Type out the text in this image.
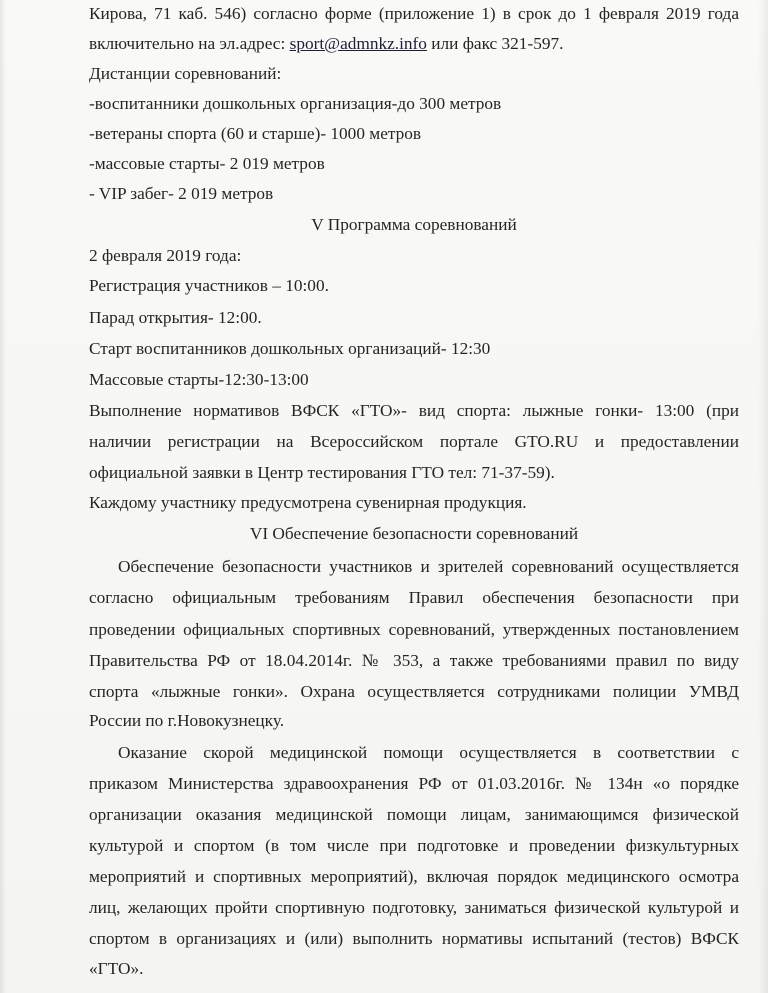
Кирова, 71 каб. 546) согласно форме (приложение 1) в срок до 1 февраля 2019 года
включительно на эл.адрес: sport@admnkz.info или факс 321-597.
Дистанции соревнований:
-воспитанники дошкольных организация-до 300 метров
-ветераны спорта (60 и старше)- 1000 метров
-массовые старты- 2 019 метров
- VIP забег- 2 019 метров
V Программа соревнований
2 февраля 2019 года:
Регистрация участников – 10:00.
Парад открытия- 12:00.
Старт воспитанников дошкольных организаций- 12:30
Массовые старты-12:30-13:00
Выполнение нормативов ВФСК «ГТО»- вид спорта: лыжные гонки- 13:00 (при
наличии регистрации на Всероссийском портале GTO.RU и предоставлении
официальной заявки в Центр тестирования ГТО тел: 71-37-59).
Каждому участнику предусмотрена сувенирная продукция.
VI Обеспечение безопасности соревнований
Обеспечение безопасности участников и зрителей соревнований осуществляется
согласно официальным требованиям Правил обеспечения безопасности при
проведении официальных спортивных соревнований, утвержденных постановлением
Правительства РФ от 18.04.2014г. № 353, а также требованиями правил по виду
спорта «лыжные гонки». Охрана осуществляется сотрудниками полиции УМВД
России по г.Новокузнецку.
Оказание скорой медицинской помощи осуществляется в соответствии с
приказом Министерства здравоохранения РФ от 01.03.2016г. № 134н «о порядке
организации оказания медицинской помощи лицам, занимающимся физической
культурой и спортом (в том числе при подготовке и проведении физкультурных
мероприятий и спортивных мероприятий), включая порядок медицинского осмотра
лиц, желающих пройти спортивную подготовку, заниматься физической культурой и
спортом в организациях и (или) выполнить нормативы испытаний (тестов) ВФСК
«ГТО».
